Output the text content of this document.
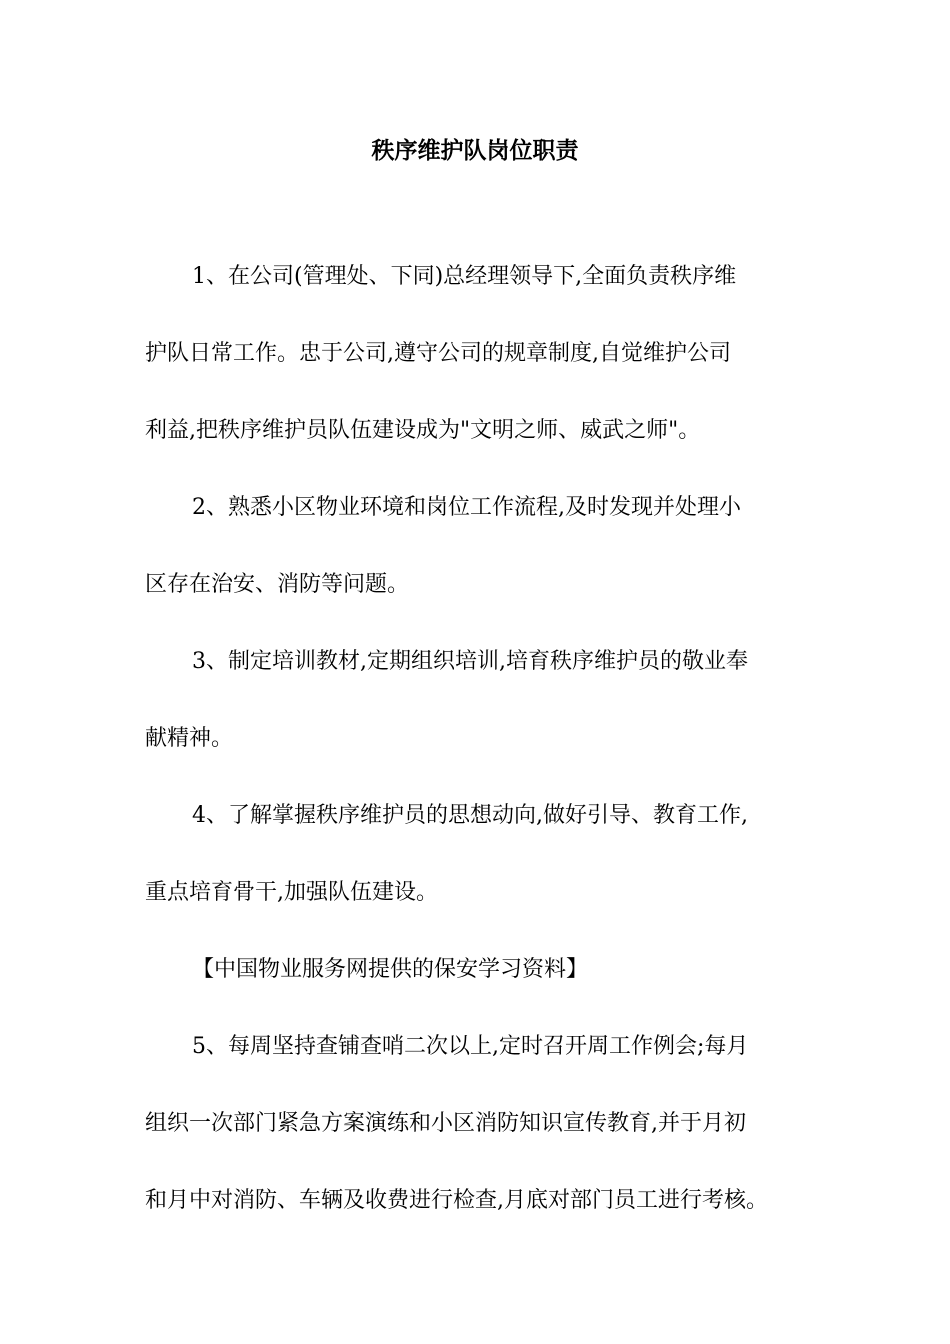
秩序维护队岗位职责
1、在公司(管理处、下同)总经理领导下,全面负责秩序维
护队日常工作。忠于公司,遵守公司的规章制度,自觉维护公司
利益,把秩序维护员队伍建设成为"文明之师、威武之师"。
2、熟悉小区物业环境和岗位工作流程,及时发现并处理小
区存在治安、消防等问题。
3、制定培训教材,定期组织培训,培育秩序维护员的敬业奉
献精神。
4、了解掌握秩序维护员的思想动向,做好引导、教育工作,
重点培育骨干,加强队伍建设。
【中国物业服务网提供的保安学习资料】
5、每周坚持查铺查哨二次以上,定时召开周工作例会;每月
组织一次部门紧急方案演练和小区消防知识宣传教育,并于月初
和月中对消防、车辆及收费进行检查,月底对部门员工进行考核。
